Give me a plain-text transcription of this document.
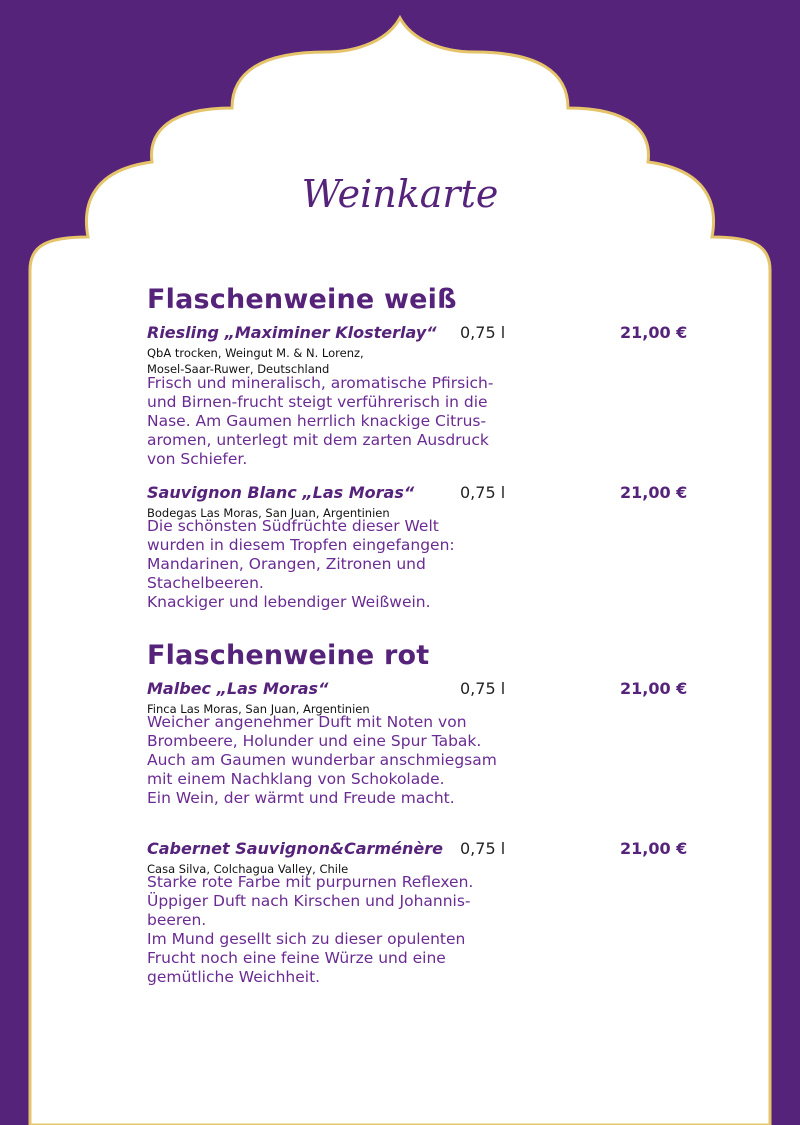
Weinkarte
Flaschenweine weiß
Riesling „Maximiner Klosterlay“ 0,75 l	21,00 €
QbA trocken, Weingut M. & N. Lorenz,
Mosel-Saar-Ruwer, Deutschland
Frisch und mineralisch, aromatische Pfirsich-
und Birnen-frucht steigt verführerisch in die
Nase. Am Gaumen herrlich knackige Citrus-
aromen, unterlegt mit dem zarten Ausdruck
von Schiefer.
Sauvignon Blanc „Las Moras“	0,75 l	21,00 €
Bodegas Las Moras, San Juan, Argentinien
Die schönsten Südfrüchte dieser Welt
wurden in diesem Tropfen eingefangen:
Mandarinen, Orangen, Zitronen und
Stachelbeeren.
Knackiger und lebendiger Weißwein.
Flaschenweine rot
Malbec „Las Moras“	0,75 l	21,00 €
Finca Las Moras, San Juan, Argentinien
Weicher angenehmer Duft mit Noten von
Brombeere, Holunder und eine Spur Tabak.
Auch am Gaumen wunderbar anschmiegsam
mit einem Nachklang von Schokolade.
Ein Wein, der wärmt und Freude macht.
Cabernet Sauvignon&Carménère 0,75 l	21,00 €
Casa Silva, Colchagua Valley, Chile
Starke rote Farbe mit purpurnen Reflexen.
Üppiger Duft nach Kirschen und Johannis-
beeren.
Im Mund gesellt sich zu dieser opulenten
Frucht noch eine feine Würze und eine
gemütliche Weichheit.
